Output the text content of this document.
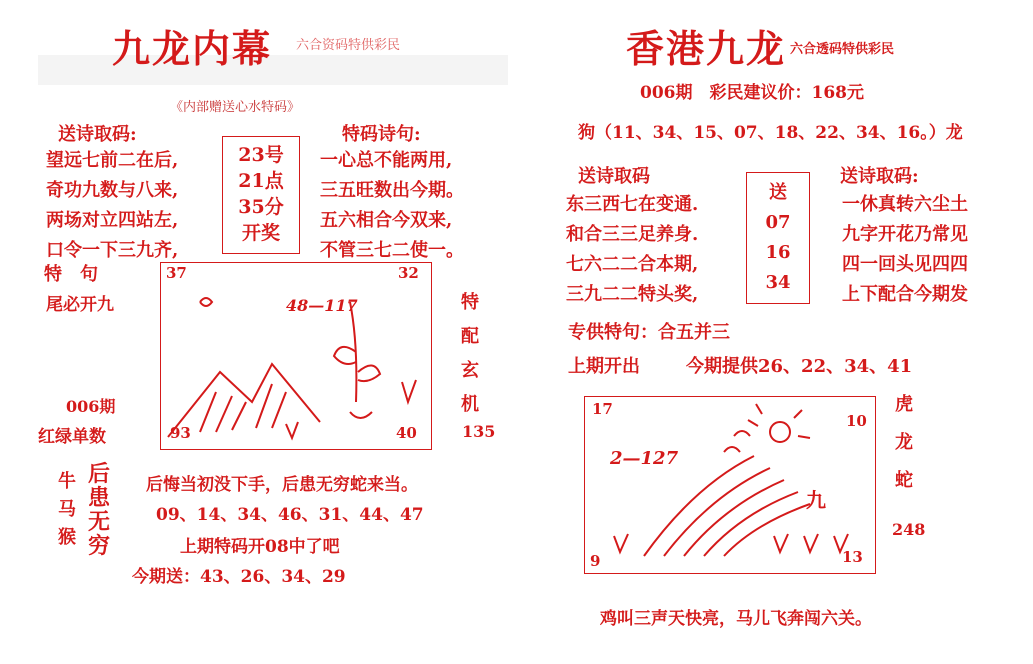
九龙内幕 六合资码特供彩民
《内部赠送心水特码》
送诗取码:	特码诗句:
望远七前二在后,
奇功九数与八来,
两场对立四站左,
口令一下三九齐,
一心总不能两用,
三五旺数出今期。
五六相合今双来,
不管三七二使一。
23号
21点
35分
开奖
特　句
尾必开九
006期
红绿单数
特
配
玄
机
135
37	32
93	40
48—117
牛
马
猴
后
患
无
穷
后悔当初没下手，后患无穷蛇来当。
09、14、34、46、31、44、47
上期特码开08中了吧
今期送：43、26、34、29
香港九龙 六合透码特供彩民
006期　彩民建议价：168元
狗（11、34、15、07、18、22、34、16。）龙
送诗取码	送诗取码:
东三西七在变通.
和合三三足养身.
七六二二合本期,
三九二二特头奖,
送
07
16
34
一休真转六尘土
九字开花乃常见
四一回头见四四
上下配合今期发
专供特句：合五并三
上期开出	今期提供26、22、34、41
17
10
9	13
2—127
九
虎
龙
蛇
248
鸡叫三声天快亮，马儿飞奔闯六关。
